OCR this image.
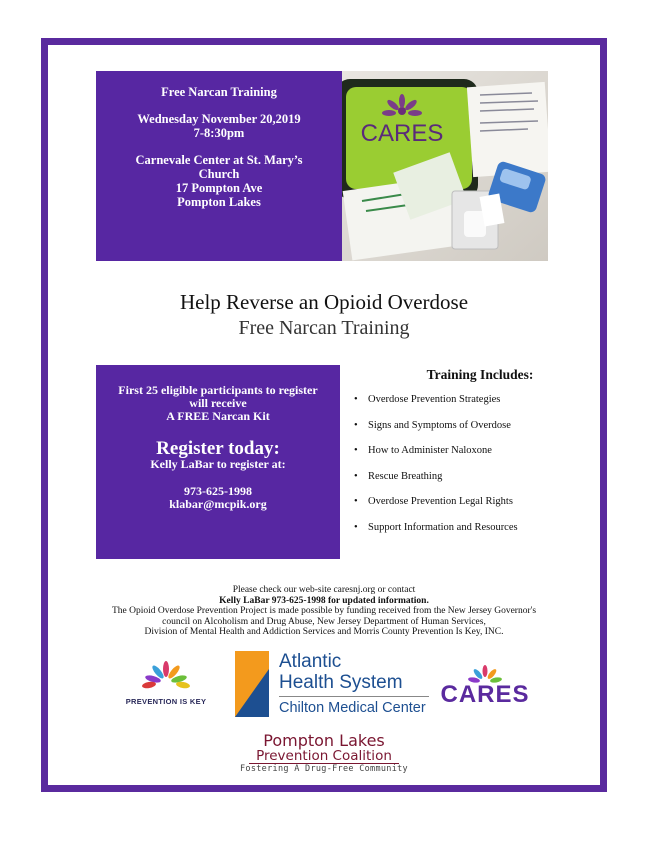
Free Narcan Training
Wednesday November 20,2019
7-8:30pm
Carnevale Center at St. Mary’s
Church
17 Pompton Ave
Pompton Lakes
CARES
Help Reverse an Opioid Overdose
Free Narcan Training
First 25 eligible participants to register
will receive
A FREE Narcan Kit
Register today:
Kelly LaBar to register at:
973-625-1998
klabar@mcpik.org
Training Includes:
• Overdose Prevention Strategies
• Signs and Symptoms of Overdose
• How to Administer Naloxone
• Rescue Breathing
• Overdose Prevention Legal Rights
• Support Information and Resources
Please check our web-site caresnj.org or contact
Kelly LaBar 973-625-1998 for updated information.
The Opioid Overdose Prevention Project is made possible by funding received from the New Jersey Governor's
council on Alcoholism and Drug Abuse, New Jersey Department of Human Services,
Division of Mental Health and Addiction Services and Morris County Prevention Is Key, INC.
PREVENTION IS KEY
Atlantic
Health System
Chilton Medical Center CARES
Pompton Lakes
Prevention Coalition
Fostering A Drug-Free Community
